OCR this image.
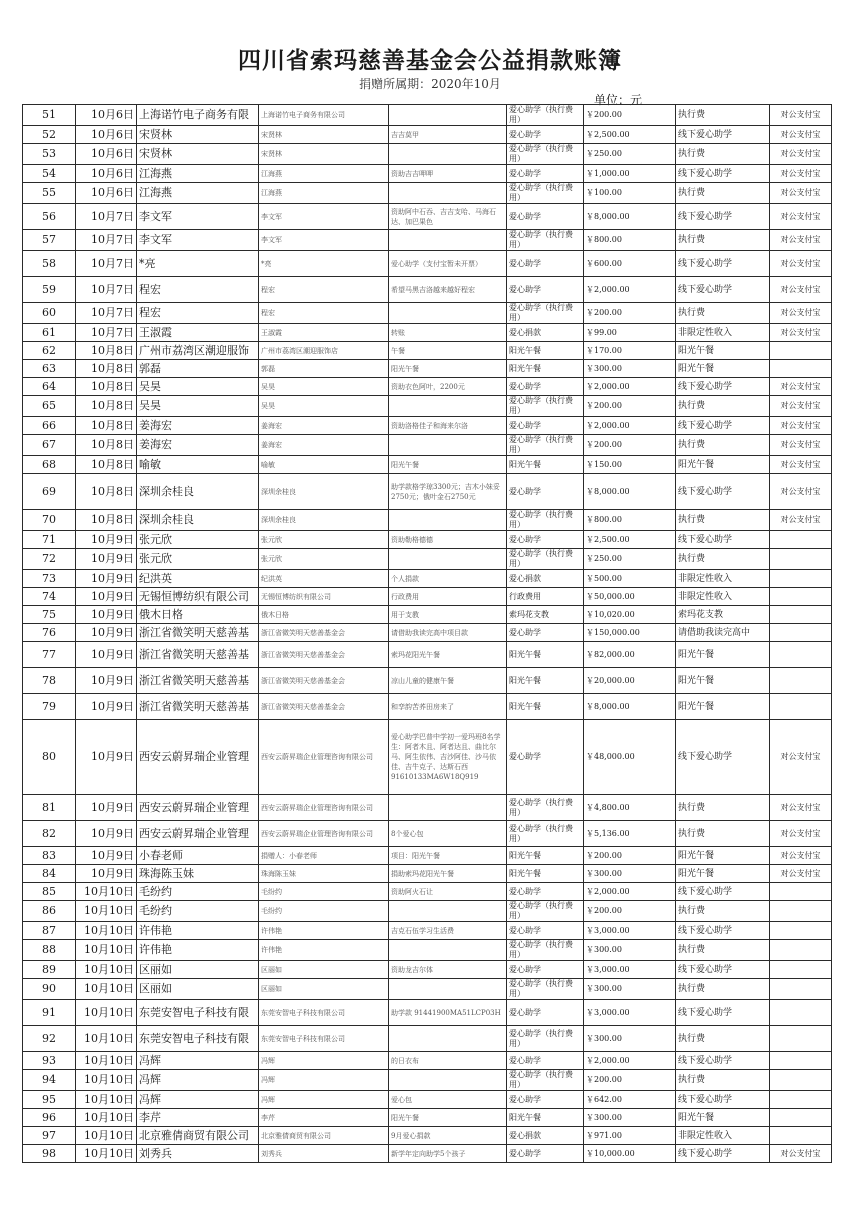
四川省索玛慈善基金会公益捐款账簿
捐赠所属期：2020年10月
单位：元
51	10月6日	上海诺竹电子商务有限	上海诺竹电子商务有限公司		爱心助学（执行费用）	￥200.00	执行费	对公支付宝
52	10月6日	宋贤林	宋贤林	吉吉莫甲	爱心助学	￥2,500.00	线下爱心助学	对公支付宝
53	10月6日	宋贤林	宋贤林		爱心助学（执行费用）	￥250.00	执行费	对公支付宝
54	10月6日	江海燕	江海燕	资助吉吉呷呷	爱心助学	￥1,000.00	线下爱心助学	对公支付宝
55	10月6日	江海燕	江海燕		爱心助学（执行费用）	￥100.00	执行费	对公支付宝
56	10月7日	李文军	李文军	资助阿中石吞、吉吉支哈、马海石达、加巴果色	爱心助学	￥8,000.00	线下爱心助学	对公支付宝
57	10月7日	李文军	李文军		爱心助学（执行费用）	￥800.00	执行费	对公支付宝
58	10月7日	*亮	*亮	爱心助学（支付宝暂未开票）	爱心助学	￥600.00	线下爱心助学	对公支付宝
59	10月7日	程宏	程宏	希望马黑吉洛越来越好程宏	爱心助学	￥2,000.00	线下爱心助学	对公支付宝
60	10月7日	程宏	程宏		爱心助学（执行费用）	￥200.00	执行费	对公支付宝
61	10月7日	王淑霞	王淑霞	转账	爱心捐款	￥99.00	非限定性收入	对公支付宝
62	10月8日	广州市荔湾区潮迎服饰	广州市荔湾区潮迎服饰店	午餐	阳光午餐	￥170.00	阳光午餐	
63	10月8日	郭磊	郭磊	阳光午餐	阳光午餐	￥300.00	阳光午餐	
64	10月8日	吴昊	吴昊	资助衣色阿叶，2200元	爱心助学	￥2,000.00	线下爱心助学	对公支付宝
65	10月8日	吴昊	吴昊		爱心助学（执行费用）	￥200.00	执行费	对公支付宝
66	10月8日	姜海宏	姜海宏	资助洛格佳子和海来尔洛	爱心助学	￥2,000.00	线下爱心助学	对公支付宝
67	10月8日	姜海宏	姜海宏		爱心助学（执行费用）	￥200.00	执行费	对公支付宝
68	10月8日	喻敏	喻敏	阳光午餐	阳光午餐	￥150.00	阳光午餐	对公支付宝
69	10月8日	深圳余桂良	深圳余桂良	助学款格学琼3300元；吉木小妹妥2750元；俄叶金石2750元	爱心助学	￥8,000.00	线下爱心助学	对公支付宝
70	10月8日	深圳余桂良	深圳余桂良		爱心助学（执行费用）	￥800.00	执行费	对公支付宝
71	10月9日	张元欣	张元欣	资助勒格德德	爱心助学	￥2,500.00	线下爱心助学	
72	10月9日	张元欣	张元欣		爱心助学（执行费用）	￥250.00	执行费	
73	10月9日	纪洪英	纪洪英	个人捐款	爱心捐款	￥500.00	非限定性收入	
74	10月9日	无锡恒博纺织有限公司	无锡恒博纺织有限公司	行政费用	行政费用	￥50,000.00	非限定性收入	
75	10月9日	俄木日格	俄木日格	用于支教	索玛花支教	￥10,020.00	索玛花支教	
76	10月9日	浙江省微笑明天慈善基	浙江省微笑明天慈善基金会	请借助我读完高中项目款	爱心助学	￥150,000.00	请借助我读完高中	
77	10月9日	浙江省微笑明天慈善基	浙江省微笑明天慈善基金会	索玛花阳光午餐	阳光午餐	￥82,000.00	阳光午餐	
78	10月9日	浙江省微笑明天慈善基	浙江省微笑明天慈善基金会	凉山儿童的健康午餐	阳光午餐	￥20,000.00	阳光午餐	
79	10月9日	浙江省微笑明天慈善基	浙江省微笑明天慈善基金会	和孪韵苦荞田房来了	阳光午餐	￥8,000.00	阳光午餐	
80	10月9日	西安云蔚昇瑞企业管理	西安云蔚昇瑞企业管理咨询有限公司	爱心助学巴普中学初一爱玛班8名学生：阿者木且、阿者达且、曲比尔马、阿生依伟、吉沙阿佳、沙马依佳、吉牛克子、达斯石西91610133MA6W18Q919	爱心助学	￥48,000.00	线下爱心助学	对公支付宝
81	10月9日	西安云蔚昇瑞企业管理	西安云蔚昇瑞企业管理咨询有限公司		爱心助学（执行费用）	￥4,800.00	执行费	对公支付宝
82	10月9日	西安云蔚昇瑞企业管理	西安云蔚昇瑞企业管理咨询有限公司	8个爱心包	爱心助学（执行费用）	￥5,136.00	执行费	对公支付宝
83	10月9日	小春老师	捐赠人：小春老师	项目：阳光午餐	阳光午餐	￥200.00	阳光午餐	对公支付宝
84	10月9日	珠海陈玉妹	珠海陈玉妹	捐助索玛花阳光午餐	阳光午餐	￥300.00	阳光午餐	对公支付宝
85	10月10日	毛纷约	毛纷约	资助阿火石让	爱心助学	￥2,000.00	线下爱心助学	
86	10月10日	毛纷约	毛纷约		爱心助学（执行费用）	￥200.00	执行费	
87	10月10日	许伟艳	许伟艳	吉克石伍学习生活费	爱心助学	￥3,000.00	线下爱心助学	
88	10月10日	许伟艳	许伟艳		爱心助学（执行费用）	￥300.00	执行费	
89	10月10日	区丽如	区丽如	资助龙吉尔体	爱心助学	￥3,000.00	线下爱心助学	
90	10月10日	区丽如	区丽如		爱心助学（执行费用）	￥300.00	执行费	
91	10月10日	东莞安智电子科技有限	东莞安智电子科技有限公司	助学款 91441900MA51LCP03H	爱心助学	￥3,000.00	线下爱心助学	
92	10月10日	东莞安智电子科技有限	东莞安智电子科技有限公司		爱心助学（执行费用）	￥300.00	执行费	
93	10月10日	冯辉	冯辉	的日衣布	爱心助学	￥2,000.00	线下爱心助学	
94	10月10日	冯辉	冯辉		爱心助学（执行费用）	￥200.00	执行费	
95	10月10日	冯辉	冯辉	爱心包	爱心助学	￥642.00	线下爱心助学	
96	10月10日	李芹	李芹	阳光午餐	阳光午餐	￥300.00	阳光午餐	
97	10月10日	北京雅倩商贸有限公司	北京雅倩商贸有限公司	9月爱心捐款	爱心捐款	￥971.00	非限定性收入	
98	10月10日	刘秀兵	刘秀兵	新学年定向助学5个孩子	爱心助学	￥10,000.00	线下爱心助学	对公支付宝
